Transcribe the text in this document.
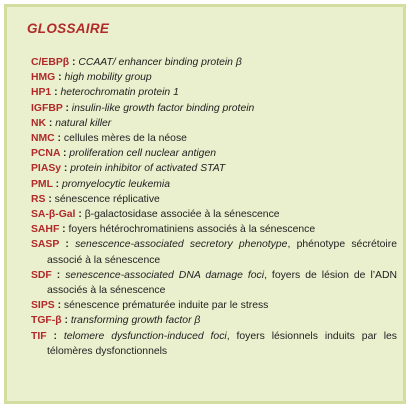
GLOSSAIRE
C/EBPβ : CCAAT/ enhancer binding protein β
HMG : high mobility group
HP1 : heterochromatin protein 1
IGFBP : insulin-like growth factor binding protein
NK : natural killer
NMC : cellules mères de la néose
PCNA : proliferation cell nuclear antigen
PIASy : protein inhibitor of activated STAT
PML : promyelocytic leukemia
RS : sénescence réplicative
SA-β-Gal : β-galactosidase associée à la sénescence
SAHF : foyers hétérochromatiniens associés à la sénescence
SASP : senescence-associated secretory phenotype, phénotype sécrétoire associé à la sénescence
SDF : senescence-associated DNA damage foci, foyers de lésion de l’ADN associés à la sénescence
SIPS : sénescence prématurée induite par le stress
TGF-β : transforming growth factor β
TIF : telomere dysfunction-induced foci, foyers lésionnels induits par les télomères dysfonctionnels
